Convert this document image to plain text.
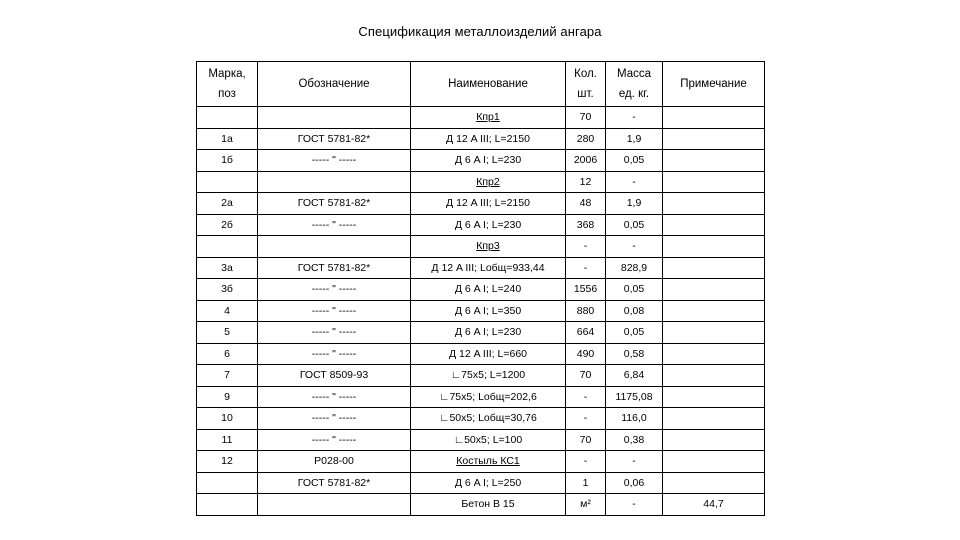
Спецификация металлоизделий ангара
Марка, поз	Обозначение	Наименование	Кол. шт.	Масса ед. кг.	Примечание
		Кпр1	70	-	
1а	ГОСТ 5781-82*	Д 12 A III; L=2150	280	1,9	
1б	----- " -----	Д 6 A I; L=230	2006	0,05	
		Кпр2	12	-	
2а	ГОСТ 5781-82*	Д 12 A III; L=2150	48	1,9	
2б	----- " -----	Д 6 A I; L=230	368	0,05	
		Кпр3	-	-	
3а	ГОСТ 5781-82*	Д 12 A III; Lобщ=933,44	-	828,9	
3б	----- " -----	Д 6 A I; L=240	1556	0,05	
4	----- " -----	Д 6 A I; L=350	880	0,08	
5	----- " -----	Д 6 A I; L=230	664	0,05	
6	----- " -----	Д 12 A III; L=660	490	0,58	
7	ГОСТ 8509-93	∟75x5; L=1200	70	6,84	
9	----- " -----	∟75x5; Lобщ=202,6	-	1175,08	
10	----- " -----	∟50x5; Lобщ=30,76	-	116,0	
11	----- " -----	∟50x5; L=100	70	0,38	
12	Р028-00	Костыль КС1	-	-	
	ГОСТ 5781-82*	Д 6 A I; L=250	1	0,06	
		Бетон В 15	м²	-	44,7
